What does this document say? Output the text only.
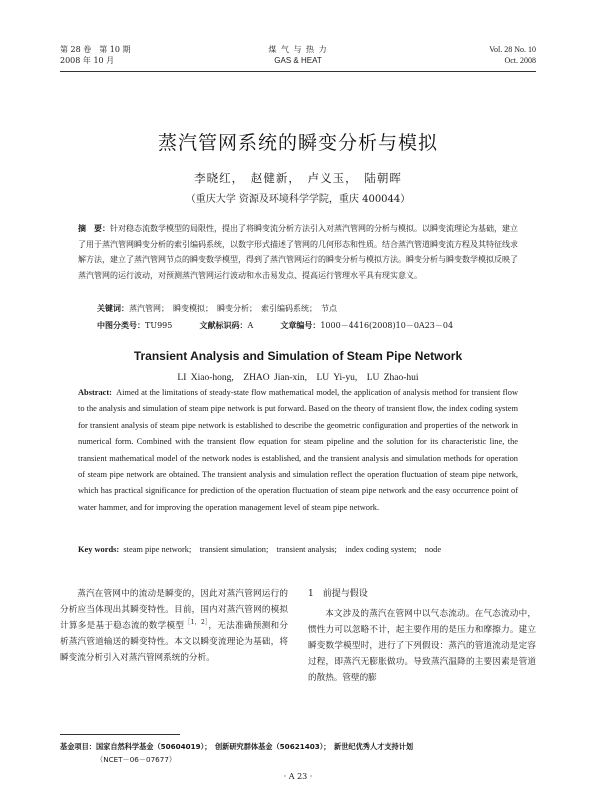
第 28 卷　第 10 期
2008 年 10 月
煤 气 与 热 力
GAS & HEAT
Vol. 28 No. 10
Oct. 2008
蒸汽管网系统的瞬变分析与模拟
李晓红，　赵健新，　卢义玉，　陆朝晖
（重庆大学 资源及环境科学学院，重庆 400044）
摘　要：针对稳态流数学模型的局限性，提出了将瞬变流分析方法引入对蒸汽管网的分析与模拟。以瞬变流理论为基础，建立了用于蒸汽管网瞬变分析的索引编码系统，以数字形式描述了管网的几何形态和性质。结合蒸汽管道瞬变流方程及其特征线求解方法，建立了蒸汽管网节点的瞬变数学模型，得到了蒸汽管网运行的瞬变分析与模拟方法。瞬变分析与瞬变数学模拟反映了蒸汽管网的运行波动，对预测蒸汽管网运行波动和水击易发点、提高运行管理水平具有现实意义。
关键词：蒸汽管网；　瞬变模拟；　瞬变分析；　索引编码系统；　节点
中图分类号：TU995	文献标识码：A	文章编号：1000－4416(2008)10－0A23－04
Transient Analysis and Simulation of Steam Pipe Network
LI Xiao-hong,　ZHAO Jian-xin,　LU Yi-yu,　LU Zhao-hui
Abstract: Aimed at the limitations of steady-state flow mathematical model, the application of analysis method for transient flow to the analysis and simulation of steam pipe network is put forward. Based on the theory of transient flow, the index coding system for transient analysis of steam pipe network is established to describe the geometric configuration and properties of the network in numerical form. Combined with the transient flow equation for steam pipeline and the solution for its characteristic line, the transient mathematical model of the network nodes is established, and the transient analysis and simulation methods for operation of steam pipe network are obtained. The transient analysis and simulation reflect the operation fluctuation of steam pipe network, which has practical significance for prediction of the operation fluctuation of steam pipe network and the easy occurrence point of water hammer, and for improving the operation management level of steam pipe network.
Key words: steam pipe network;　transient simulation;　transient analysis;　index coding system;　node

蒸汽在管网中的流动是瞬变的，因此对蒸汽管网运行的分析应当体现出其瞬变特性。目前，国内对蒸汽管网的模拟计算多是基于稳态流的数学模型$^{[1,2]}$，无法准确预测和分析蒸汽管道输送的瞬变特性。本文以瞬变流理论为基础，将瞬变流分析引入对蒸汽管网系统的分析。

1　前提与假设

本文涉及的蒸汽在管网中以气态流动。在气态流动中，惯性力可以忽略不计，起主要作用的是压力和摩擦力。建立瞬变数学模型时，进行了下列假设：蒸汽的管道流动是定容过程，即蒸汽无膨胀做功。导致蒸汽温降的主要因素是管道的散热。管壁的膨

基金项目：国家自然科学基金（50604019）；　创新研究群体基金（50621403）；　新世纪优秀人才支持计划
（NCET－06－07677）
· A 23 ·
